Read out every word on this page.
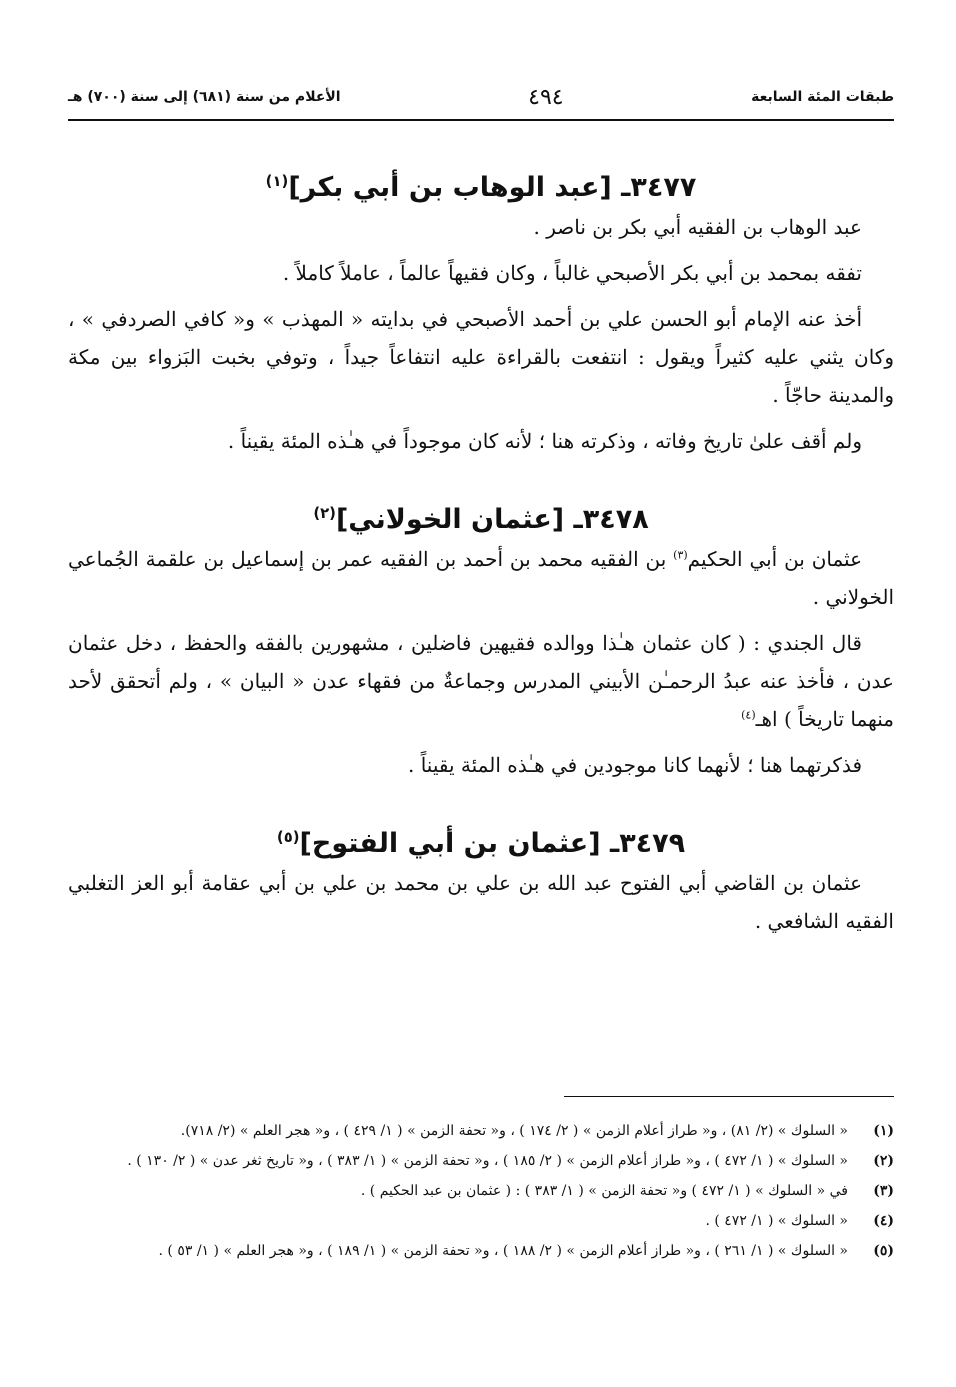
طبقات المئة السابعة
٤٩٤
الأعلام من سنة (٦٨١) إلى سنة (٧٠٠) هـ
٣٤٧٧ـ [عبد الوهاب بن أبي بكر]$^{(١)}$

عبد الوهاب بن الفقيه أبي بكر بن ناصر .

تفقه بمحمد بن أبي بكر الأصبحي غالباً ، وكان فقيهاً عالماً ، عاملاً كاملاً .

أخذ عنه الإمام أبو الحسن علي بن أحمد الأصبحي في بدايته « المهذب » و« كافي الصردفي » ، وكان يثني عليه كثيراً ويقول : انتفعت بالقراءة عليه انتفاعاً جيداً ، وتوفي بخبت البَزواء بين مكة والمدينة حاجّاً .

ولم أقف علىٰ تاريخ وفاته ، وذكرته هنا ؛ لأنه كان موجوداً في هـٰذه المئة يقيناً .

٣٤٧٨ـ [عثمان الخولاني]$^{(٢)}$

عثمان بن أبي الحكيم$^{(٣)}$ بن الفقيه محمد بن أحمد بن الفقيه عمر بن إسماعيل بن علقمة الجُماعي الخولاني .

قال الجندي : ( كان عثمان هـٰذا ووالده فقيهين فاضلين ، مشهورين بالفقه والحفظ ، دخل عثمان عدن ، فأخذ عنه عبدُ الرحمـٰن الأبيني المدرس وجماعةٌ من فقهاء عدن « البيان » ، ولم أتحقق لأحد منهما تاريخاً ) اهـ$^{(٤)}$

فذكرتهما هنا ؛ لأنهما كانا موجودين في هـٰذه المئة يقيناً .

٣٤٧٩ـ [عثمان بن أبي الفتوح]$^{(٥)}$

عثمان بن القاضي أبي الفتوح عبد الله بن علي بن محمد بن علي بن أبي عقامة أبو العز التغلبي الفقيه الشافعي .

(١)
« السلوك » (٢/ ٨١) ، و« طراز أعلام الزمن » ( ٢/ ١٧٤ ) ، و« تحفة الزمن » ( ١/ ٤٢٩ ) ، و« هجر العلم » (٢/ ٧١٨).
(٢)
« السلوك » ( ١/ ٤٧٢ ) ، و« طراز أعلام الزمن » ( ٢/ ١٨٥ ) ، و« تحفة الزمن » ( ١/ ٣٨٣ ) ، و« تاريخ ثغر عدن » ( ٢/ ١٣٠ ) .
(٣)
في « السلوك » ( ١/ ٤٧٢ ) و« تحفة الزمن » ( ١/ ٣٨٣ ) : ( عثمان بن عبد الحكيم ) .
(٤)
« السلوك » ( ١/ ٤٧٢ ) .
(٥)
« السلوك » ( ١/ ٢٦١ ) ، و« طراز أعلام الزمن » ( ٢/ ١٨٨ ) ، و« تحفة الزمن » ( ١/ ١٨٩ ) ، و« هجر العلم » ( ١/ ٥٣ ) .
